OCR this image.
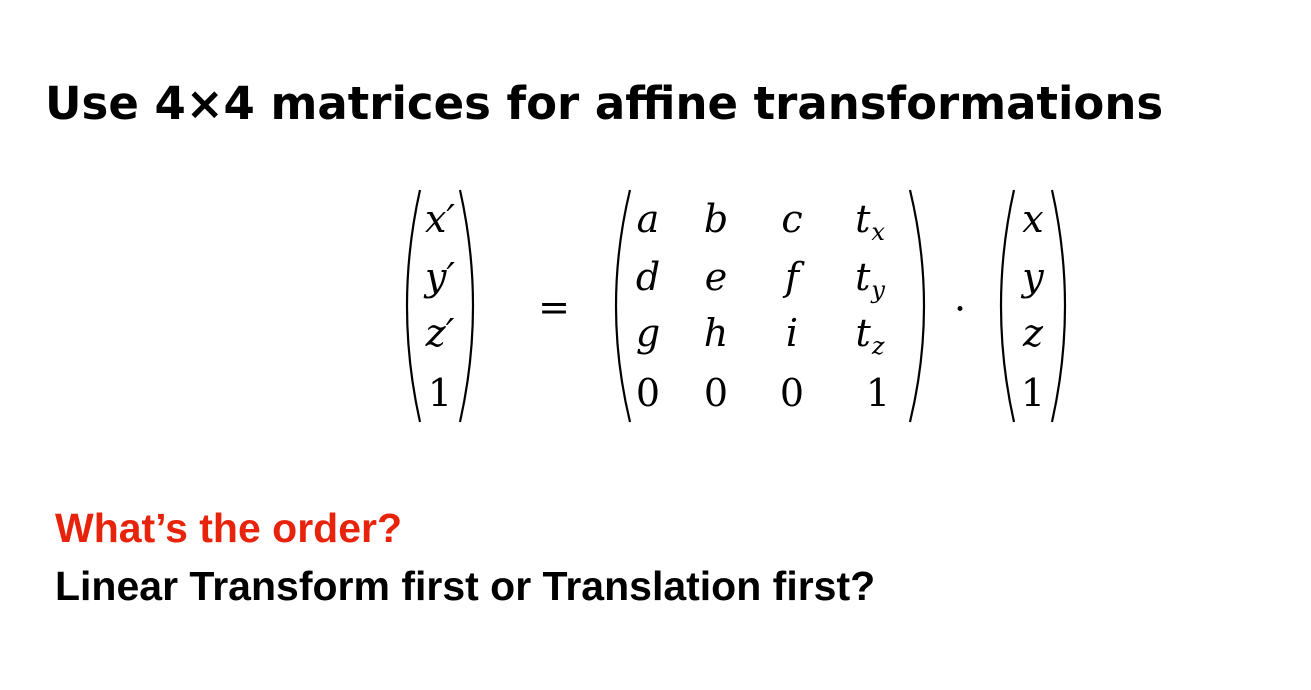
Use 4×4 matrices for affine transformations
x′
y′
z′
1
=
a b c $t_x$
d e f $t_y$
g h i $t_z$
0 0 0 1
·
x
y
z
1

What’s the order?

Linear Transform first or Translation first?
